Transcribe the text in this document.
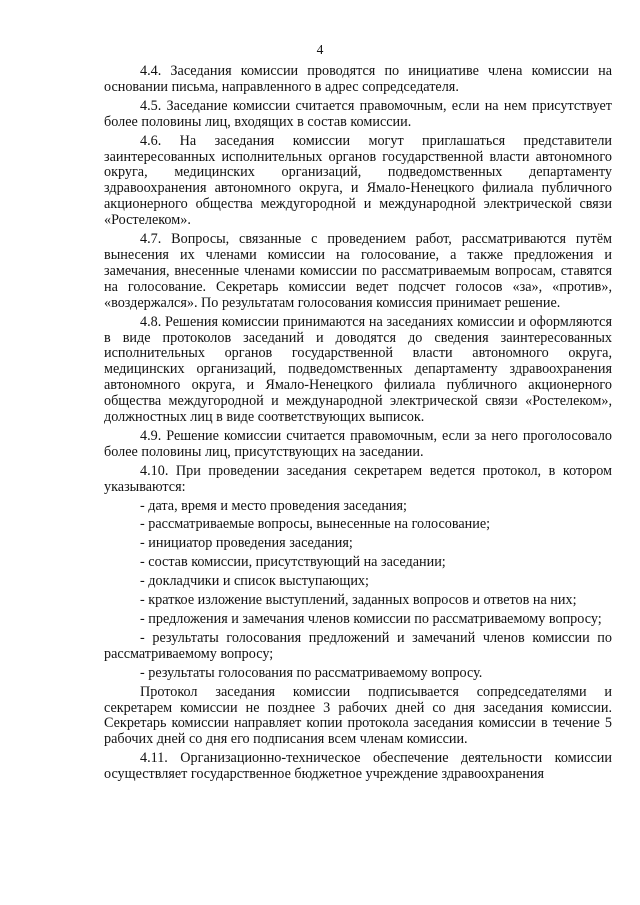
4

4.4. Заседания комиссии проводятся по инициативе члена комиссии на основании письма, направленного в адрес сопредседателя.

4.5. Заседание комиссии считается правомочным, если на нем присутствует более половины лиц, входящих в состав комиссии.

4.6. На заседания комиссии могут приглашаться представители заинтересованных исполнительных органов государственной власти автономного округа, медицинских организаций, подведомственных департаменту здравоохранения автономного округа, и Ямало-Ненецкого филиала публичного акционерного общества междугородной и международной электрической связи «Ростелеком».

4.7. Вопросы, связанные с проведением работ, рассматриваются путём вынесения их членами комиссии на голосование, а также предложения и замечания, внесенные членами комиссии по рассматриваемым вопросам, ставятся на голосование. Секретарь комиссии ведет подсчет голосов «за», «против», «воздержался». По результатам голосования комиссия принимает решение.

4.8. Решения комиссии принимаются на заседаниях комиссии и оформляются в виде протоколов заседаний и доводятся до сведения заинтересованных исполнительных органов государственной власти автономного округа, медицинских организаций, подведомственных департаменту здравоохранения автономного округа, и Ямало-Ненецкого филиала публичного акционерного общества междугородной и международной электрической связи «Ростелеком», должностных лиц в виде соответствующих выписок.

4.9. Решение комиссии считается правомочным, если за него проголосовало более половины лиц, присутствующих на заседании.

4.10. При проведении заседания секретарем ведется протокол, в котором указываются:

- дата, время и место проведения заседания;

- рассматриваемые вопросы, вынесенные на голосование;

- инициатор проведения заседания;

- состав комиссии, присутствующий на заседании;

- докладчики и список выступающих;

- краткое изложение выступлений, заданных вопросов и ответов на них;

- предложения и замечания членов комиссии по рассматриваемому вопросу;

- результаты голосования предложений и замечаний членов комиссии по рассматриваемому вопросу;

- результаты голосования по рассматриваемому вопросу.

Протокол заседания комиссии подписывается сопредседателями и секретарем комиссии не позднее 3 рабочих дней со дня заседания комиссии. Секретарь комиссии направляет копии протокола заседания комиссии в течение 5 рабочих дней со дня его подписания всем членам комиссии.

4.11. Организационно-техническое обеспечение деятельности комиссии осуществляет государственное бюджетное учреждение здравоохранения
